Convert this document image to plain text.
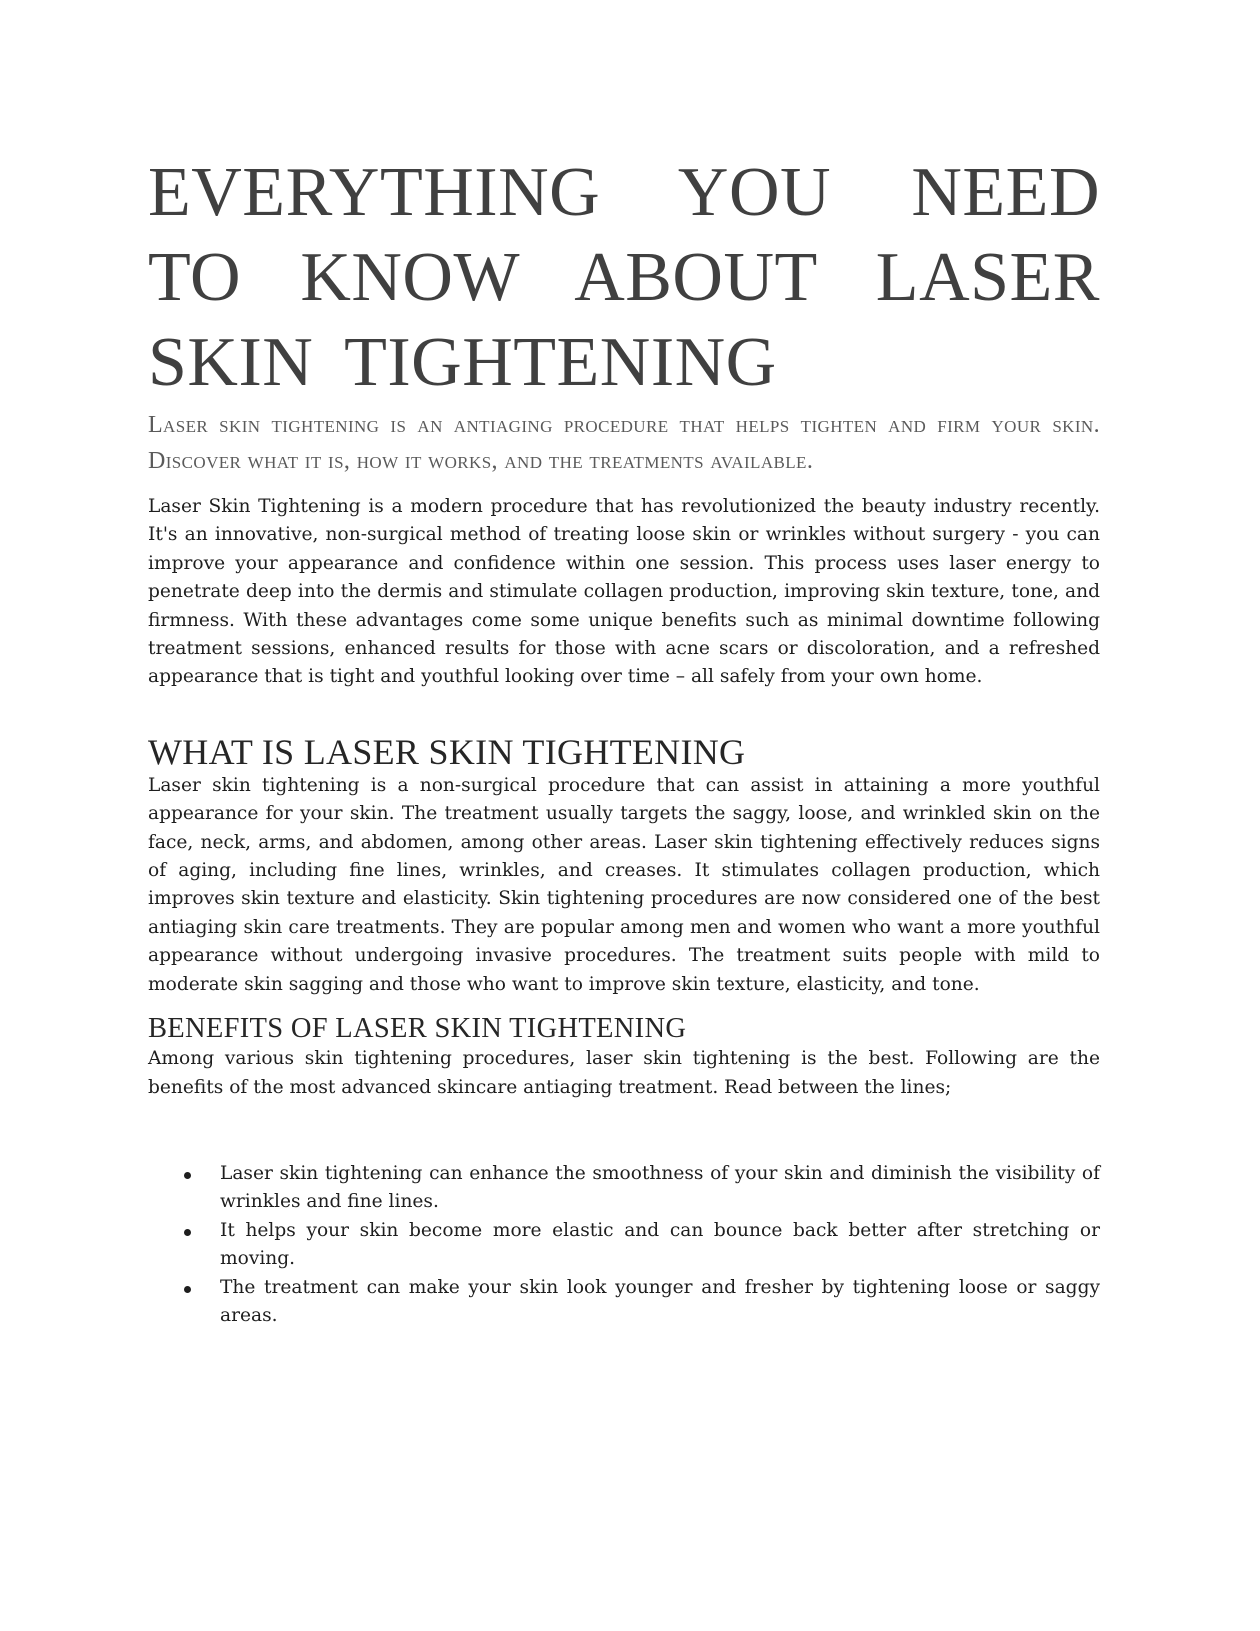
EVERYTHING YOU NEED TO KNOW ABOUT LASER SKIN TIGHTENING

Laser skin tightening is an antiaging procedure that helps tighten and firm your skin. Discover what it is, how it works, and the treatments available.

Laser Skin Tightening is a modern procedure that has revolutionized the beauty industry recently. It's an innovative, non-surgical method of treating loose skin or wrinkles without surgery - you can improve your appearance and confidence within one session. This process uses laser energy to penetrate deep into the dermis and stimulate collagen production, improving skin texture, tone, and firmness. With these advantages come some unique benefits such as minimal downtime following treatment sessions, enhanced results for those with acne scars or discoloration, and a refreshed appearance that is tight and youthful looking over time – all safely from your own home.

WHAT IS LASER SKIN TIGHTENING

Laser skin tightening is a non-surgical procedure that can assist in attaining a more youthful appearance for your skin. The treatment usually targets the saggy, loose, and wrinkled skin on the face, neck, arms, and abdomen, among other areas. Laser skin tightening effectively reduces signs of aging, including fine lines, wrinkles, and creases. It stimulates collagen production, which improves skin texture and elasticity. Skin tightening procedures are now considered one of the best antiaging skin care treatments. They are popular among men and women who want a more youthful appearance without undergoing invasive procedures. The treatment suits people with mild to moderate skin sagging and those who want to improve skin texture, elasticity, and tone.

BENEFITS OF LASER SKIN TIGHTENING

Among various skin tightening procedures, laser skin tightening is the best. Following are the benefits of the most advanced skincare antiaging treatment. Read between the lines;

Laser skin tightening can enhance the smoothness of your skin and diminish the visibility of wrinkles and fine lines.
It helps your skin become more elastic and can bounce back better after stretching or moving.
The treatment can make your skin look younger and fresher by tightening loose or saggy areas.
